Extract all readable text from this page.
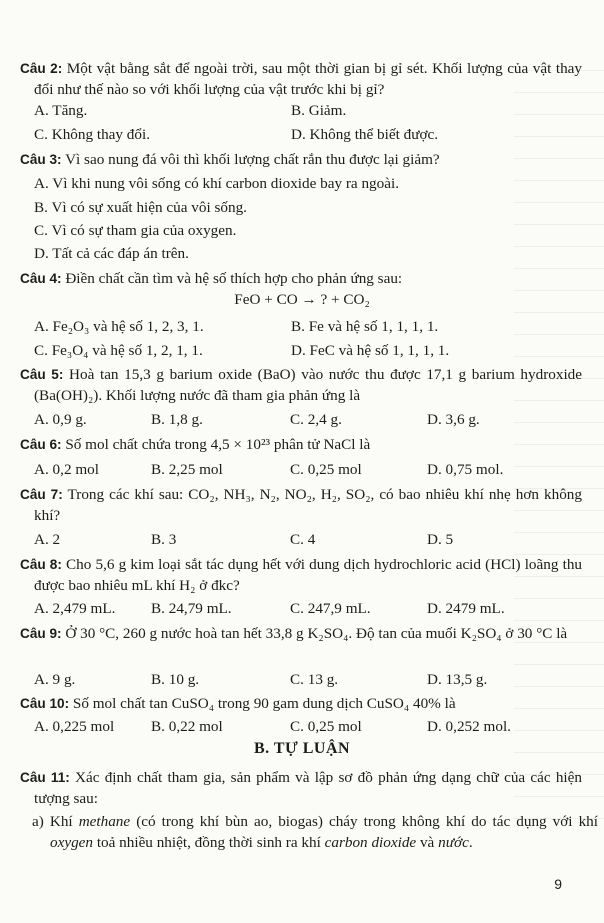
Câu 2: Một vật bằng sắt để ngoài trời, sau một thời gian bị gỉ sét. Khối lượng của vật thay đổi như thế nào so với khối lượng của vật trước khi bị gỉ?
A. Tăng.	B. Giảm.
C. Không thay đổi.	D. Không thể biết được.
Câu 3: Vì sao nung đá vôi thì khối lượng chất rắn thu được lại giảm?
A. Vì khi nung vôi sống có khí carbon dioxide bay ra ngoài.
B. Vì có sự xuất hiện của vôi sống.
C. Vì có sự tham gia của oxygen.
D. Tất cả các đáp án trên.
Câu 4: Điền chất cần tìm và hệ số thích hợp cho phản ứng sau:
FeO + CO → ? + CO₂
A. Fe₂O₃ và hệ số 1, 2, 3, 1.	B. Fe và hệ số 1, 1, 1, 1.
C. Fe₃O₄ và hệ số 1, 2, 1, 1.	D. FeC và hệ số 1, 1, 1, 1.
Câu 5: Hoà tan 15,3 g barium oxide (BaO) vào nước thu được 17,1 g barium hydroxide (Ba(OH)₂). Khối lượng nước đã tham gia phản ứng là
A. 0,9 g.	B. 1,8 g.	C. 2,4 g.	D. 3,6 g.
Câu 6: Số mol chất chứa trong 4,5 × 10²³ phân tử NaCl là
A. 0,2 mol	B. 2,25 mol	C. 0,25 mol	D. 0,75 mol.
Câu 7: Trong các khí sau: CO₂, NH₃, N₂, NO₂, H₂, SO₂, có bao nhiêu khí nhẹ hơn không khí?
A. 2	B. 3	C. 4	D. 5
Câu 8: Cho 5,6 g kim loại sắt tác dụng hết với dung dịch hydrochloric acid (HCl) loãng thu được bao nhiêu mL khí H₂ ở đkc?
A. 2,479 mL. B. 24,79 mL.	C. 247,9 mL.	D. 2479 mL.
Câu 9: Ở 30 °C, 260 g nước hoà tan hết 33,8 g K₂SO₄. Độ tan của muối K₂SO₄ ở 30 °C là
A. 9 g.	B. 10 g.	C. 13 g.	D. 13,5 g.
Câu 10: Số mol chất tan CuSO₄ trong 90 gam dung dịch CuSO₄ 40% là
A. 0,225 mol B. 0,22 mol	C. 0,25 mol	D. 0,252 mol.
B. TỰ LUẬN
Câu 11: Xác định chất tham gia, sản phẩm và lập sơ đồ phản ứng dạng chữ của các hiện tượng sau:
a) Khí methane (có trong khí bùn ao, biogas) cháy trong không khí do tác dụng với khí oxygen toả nhiều nhiệt, đồng thời sinh ra khí carbon dioxide và nước.
9
